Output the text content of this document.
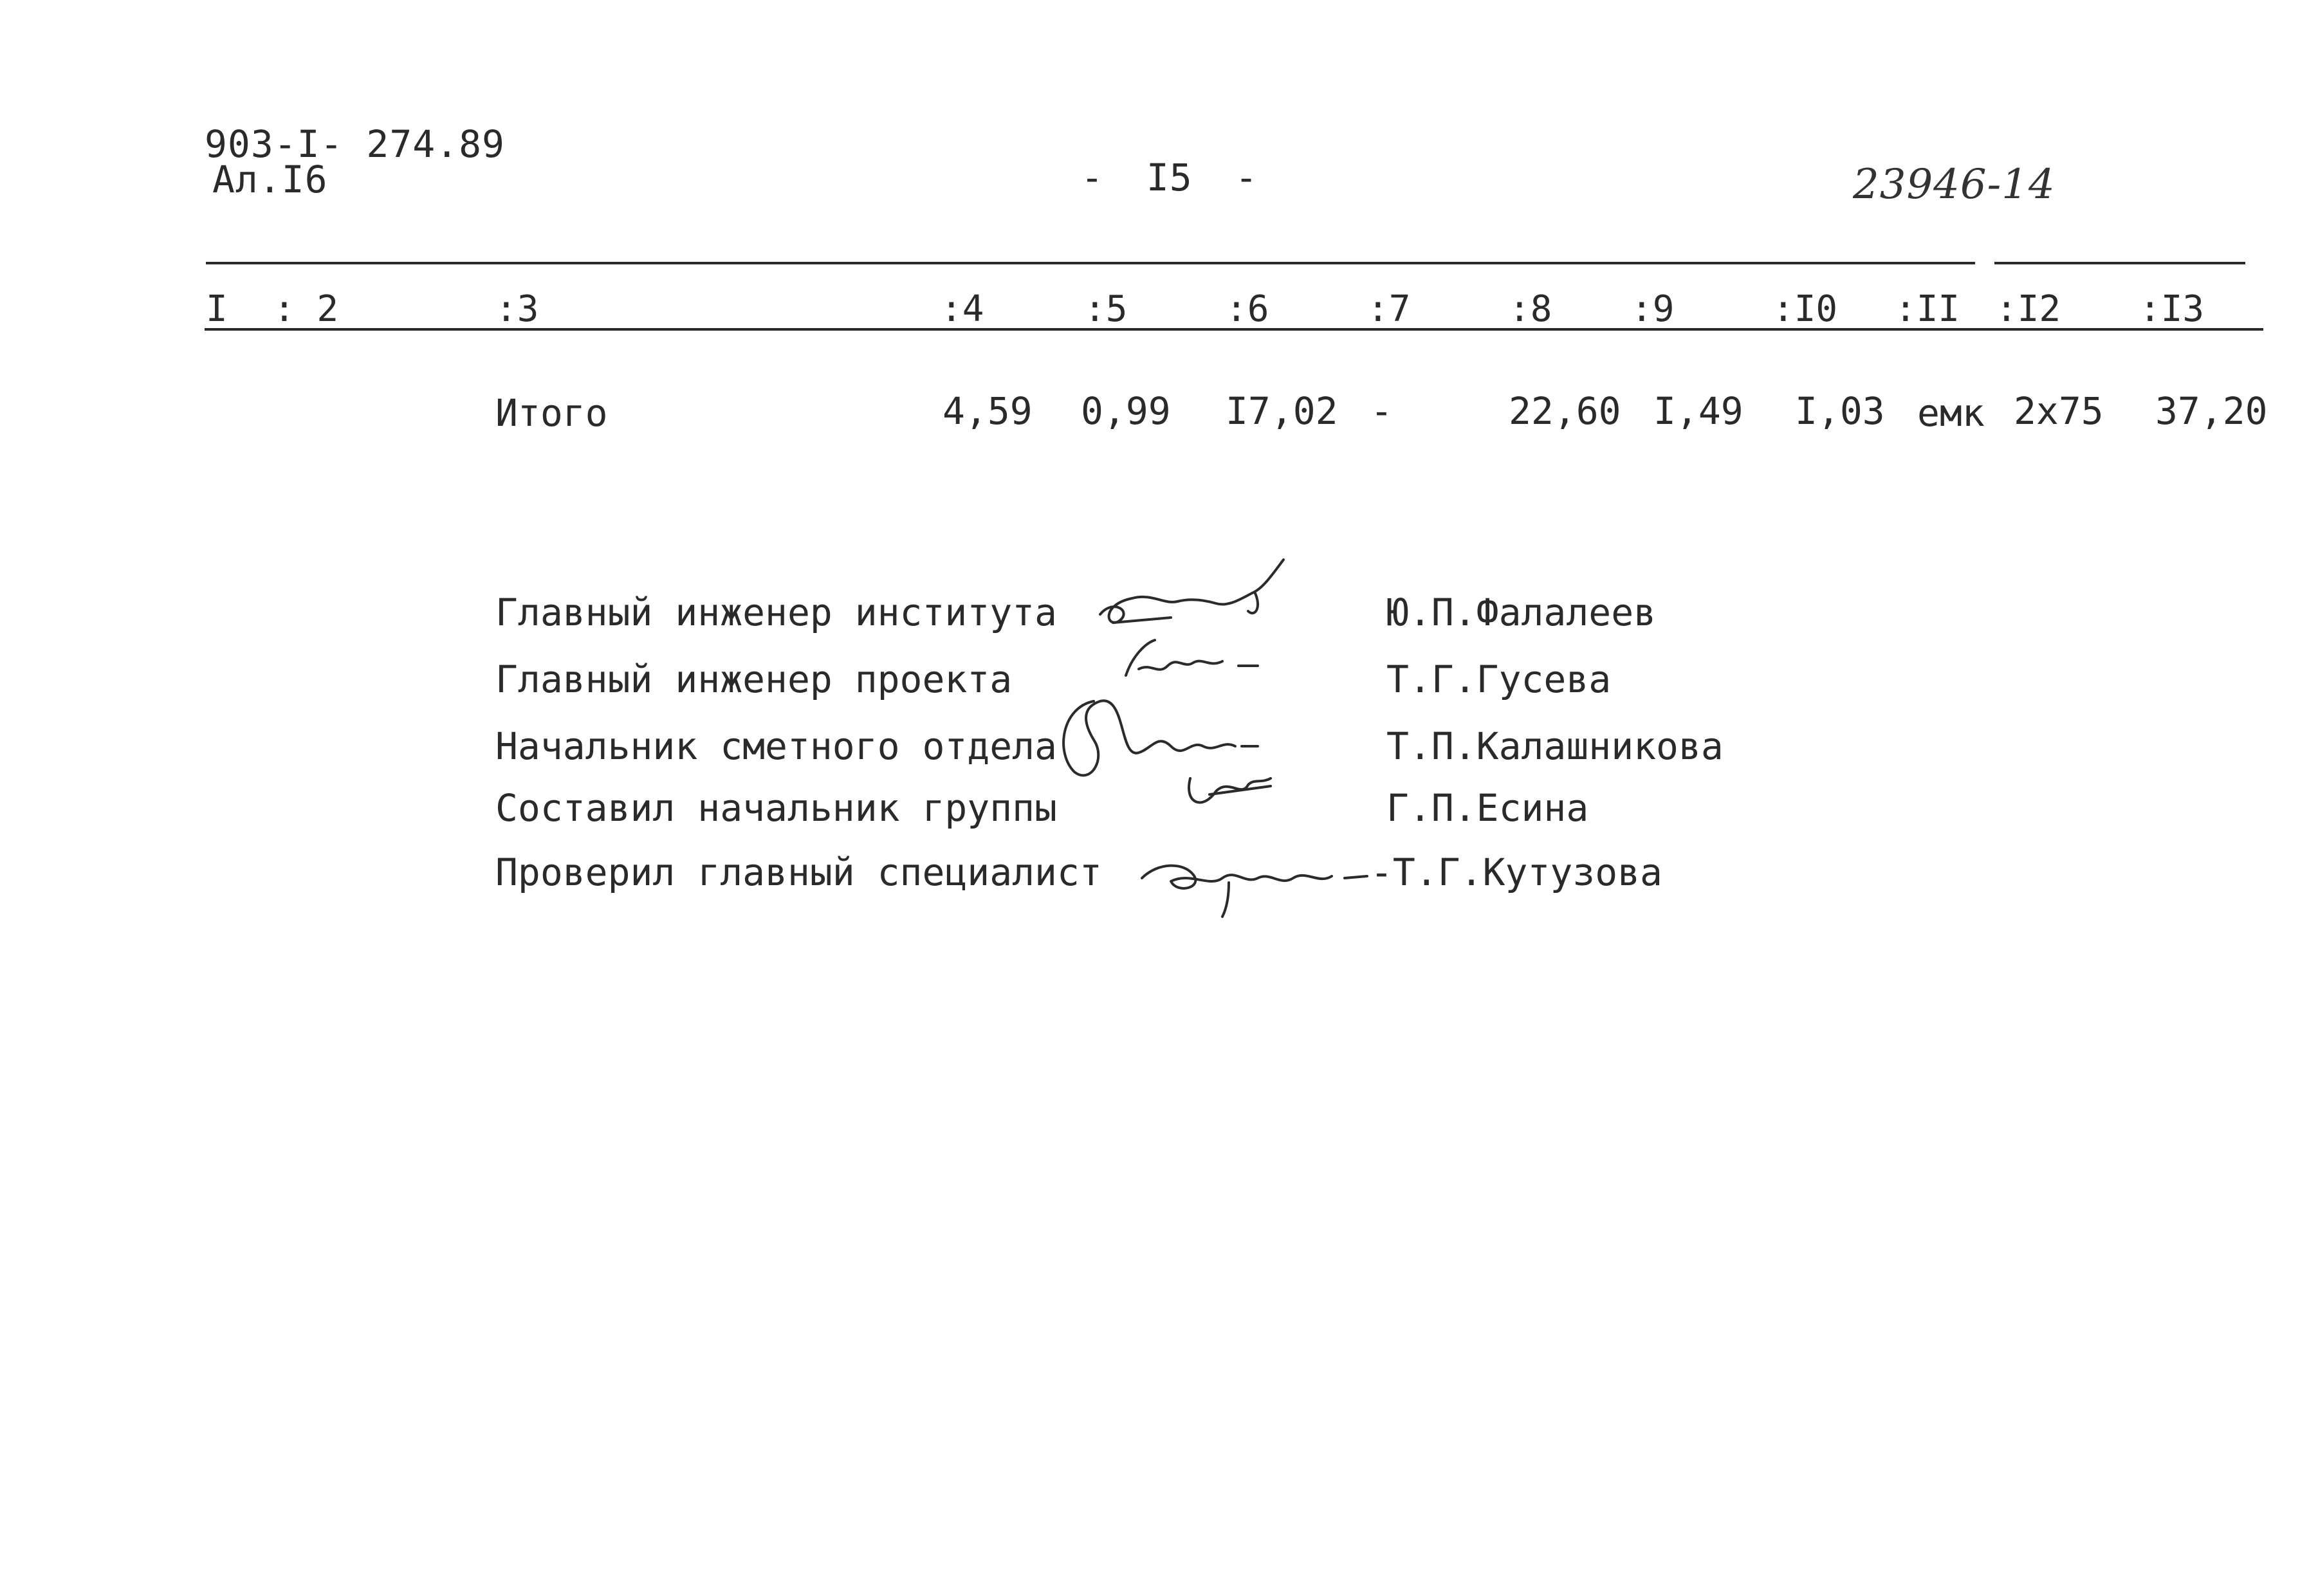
903-I- 274.89
Ал.I6	- I5 -	23946-14
I : 2	:3	:4	:5	:6	:7	:8 :9	:I0 :II :I2 :I3
Итого	4,59 0,99 I7,02 -	22,60 I,49 I,03 емк 2х75 37,20
Главный инженер института	Ю.П.Фалалеев
Главный инженер проекта	Т.Г.Гусева
Начальник сметного отдела	Т.П.Калашникова
Составил начальник группы	Г.П.Есина
Проверил главный специалист	-Т.Г.Кутузова
